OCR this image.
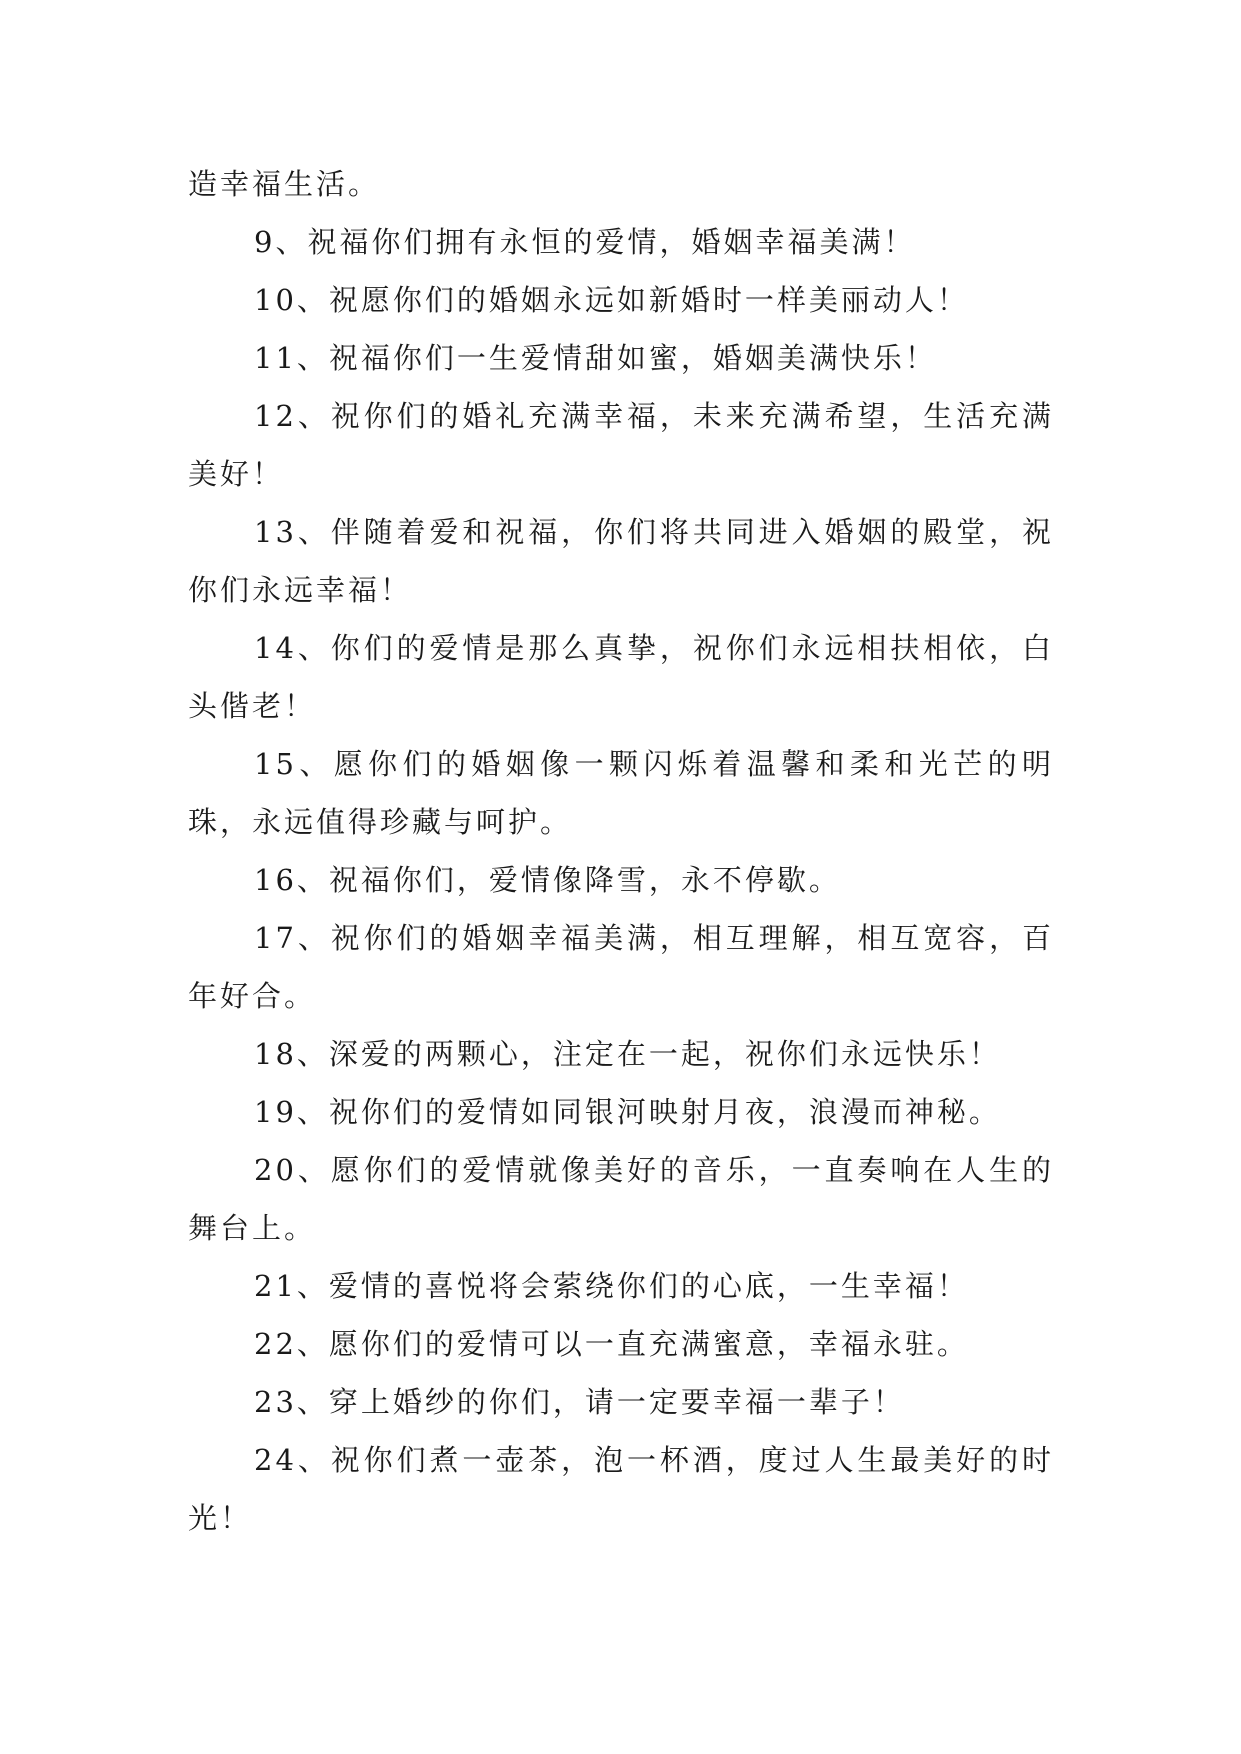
造幸福生活。

9、祝福你们拥有永恒的爱情，婚姻幸福美满！

10、祝愿你们的婚姻永远如新婚时一样美丽动人！

11、祝福你们一生爱情甜如蜜，婚姻美满快乐！

12、祝你们的婚礼充满幸福，未来充满希望，生活充满美好！

13、伴随着爱和祝福，你们将共同进入婚姻的殿堂，祝你们永远幸福！

14、你们的爱情是那么真挚，祝你们永远相扶相依，白头偕老！

15、愿你们的婚姻像一颗闪烁着温馨和柔和光芒的明珠，永远值得珍藏与呵护。

16、祝福你们，爱情像降雪，永不停歇。

17、祝你们的婚姻幸福美满，相互理解，相互宽容，百年好合。

18、深爱的两颗心，注定在一起，祝你们永远快乐！

19、祝你们的爱情如同银河映射月夜，浪漫而神秘。

20、愿你们的爱情就像美好的音乐，一直奏响在人生的舞台上。

21、爱情的喜悦将会萦绕你们的心底，一生幸福！

22、愿你们的爱情可以一直充满蜜意，幸福永驻。

23、穿上婚纱的你们，请一定要幸福一辈子！

24、祝你们煮一壶茶，泡一杯酒，度过人生最美好的时光！
